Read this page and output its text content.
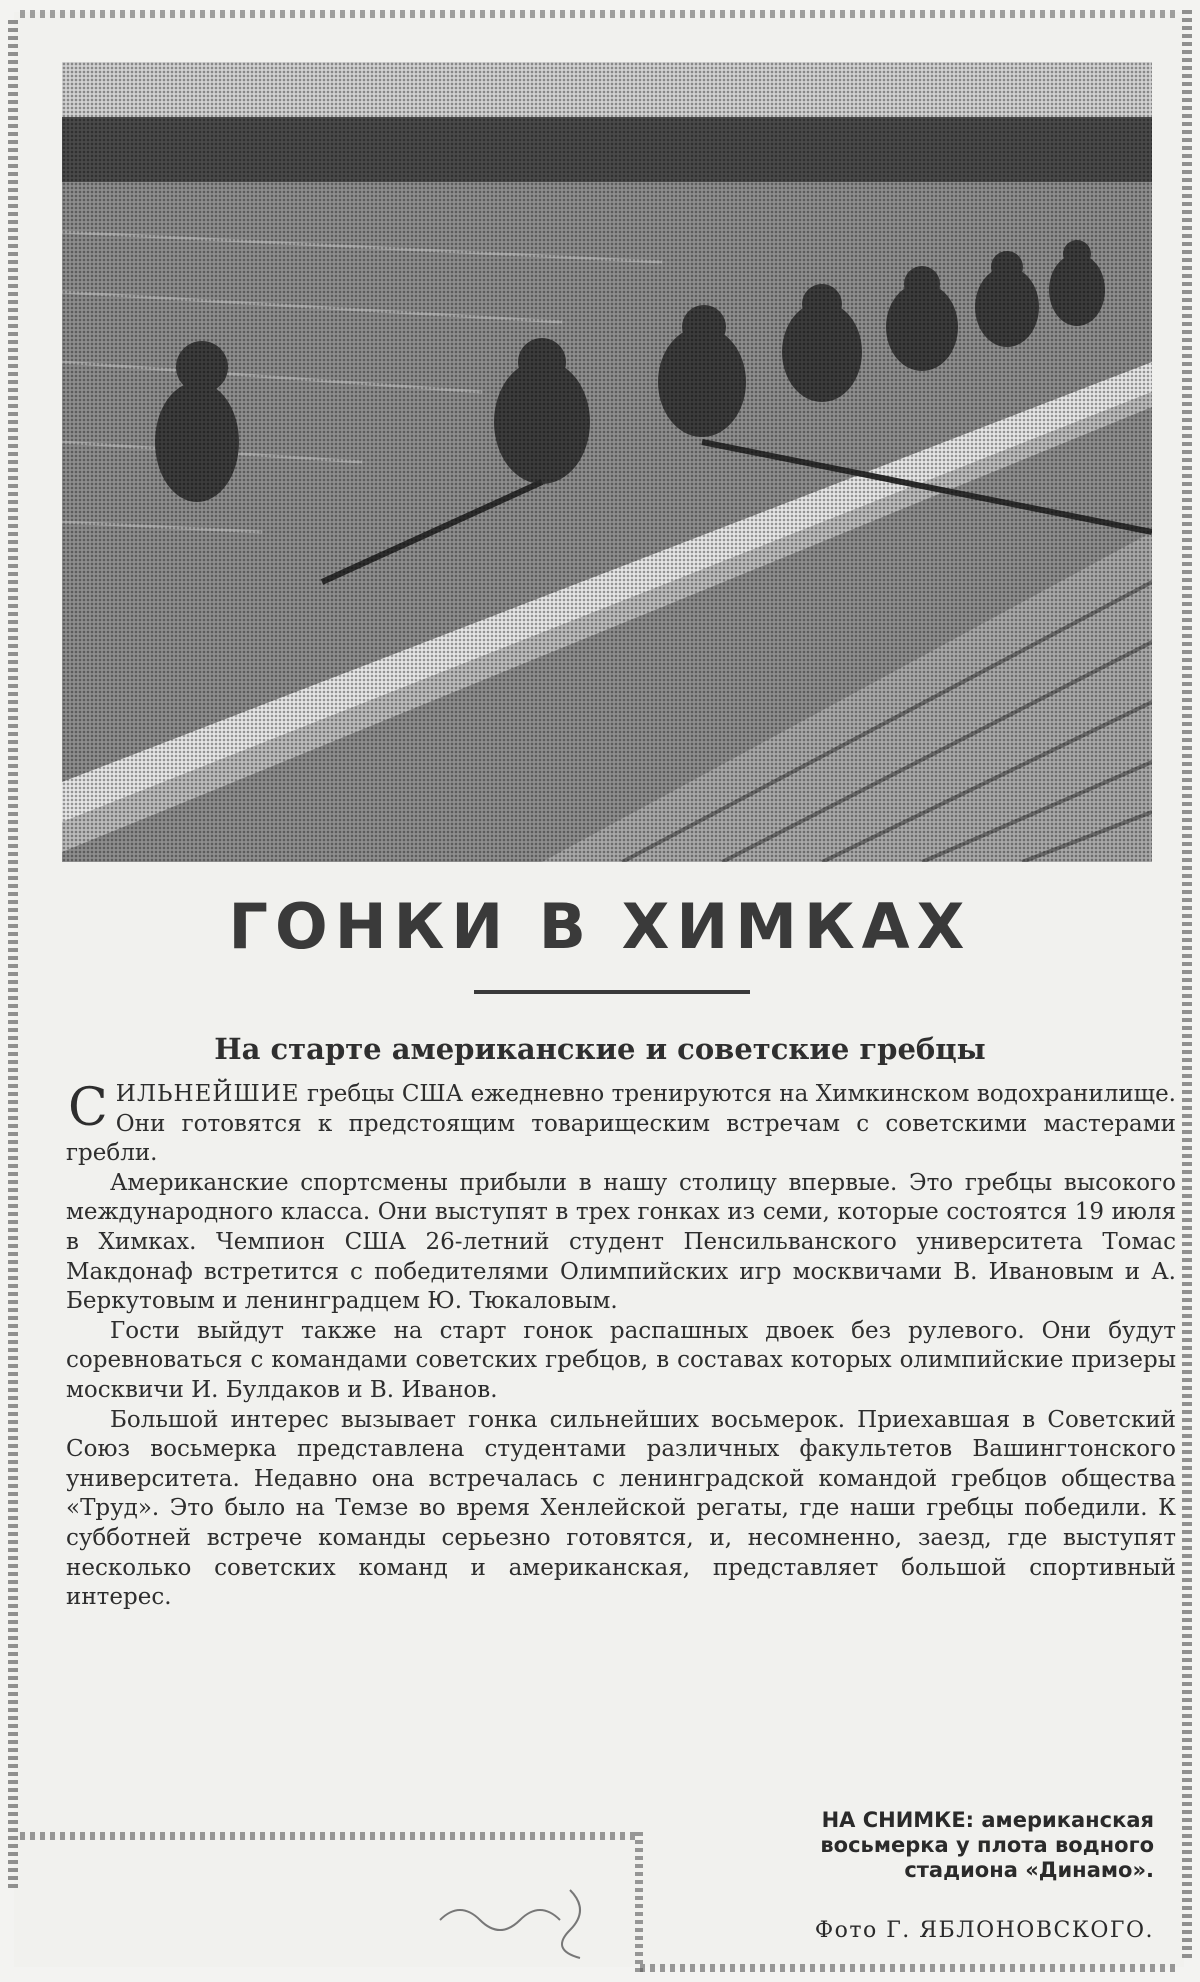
ГОНКИ В ХИМКАХ
На старте американские и советские гребцы

СИЛЬНЕЙШИЕ гребцы США ежедневно тренируются на Химкинском водохранилище. Они готовятся к предстоящим товарищеским встречам с советскими мастерами гребли.

Американские спортсмены прибыли в нашу столицу впервые. Это гребцы высокого международного класса. Они выступят в трех гонках из семи, которые состоятся 19 июля в Химках. Чемпион США 26-летний студент Пенсильванского университета Томас Макдонаф встретится с победителями Олимпийских игр москвичами В. Ивановым и А. Беркутовым и ленинградцем Ю. Тюкаловым.

Гости выйдут также на старт гонок распашных двоек без рулевого. Они будут соревноваться с командами советских гребцов, в составах которых олимпийские призеры москвичи И. Булдаков и В. Иванов.

Большой интерес вызывает гонка сильнейших восьмерок. Приехавшая в Советский Союз восьмерка представлена студентами различных факультетов Вашингтонского университета. Недавно она встречалась с ленинградской командой гребцов общества «Труд». Это было на Темзе во время Хенлейской регаты, где наши гребцы победили. К субботней встрече команды серьезно готовятся, и, несомненно, заезд, где выступят несколько советских команд и американская, представляет большой спортивный интерес.

НА СНИМКЕ: американская восьмерка у плота водного стадиона «Динамо».
Фото Г. ЯБЛОНОВСКОГО.
